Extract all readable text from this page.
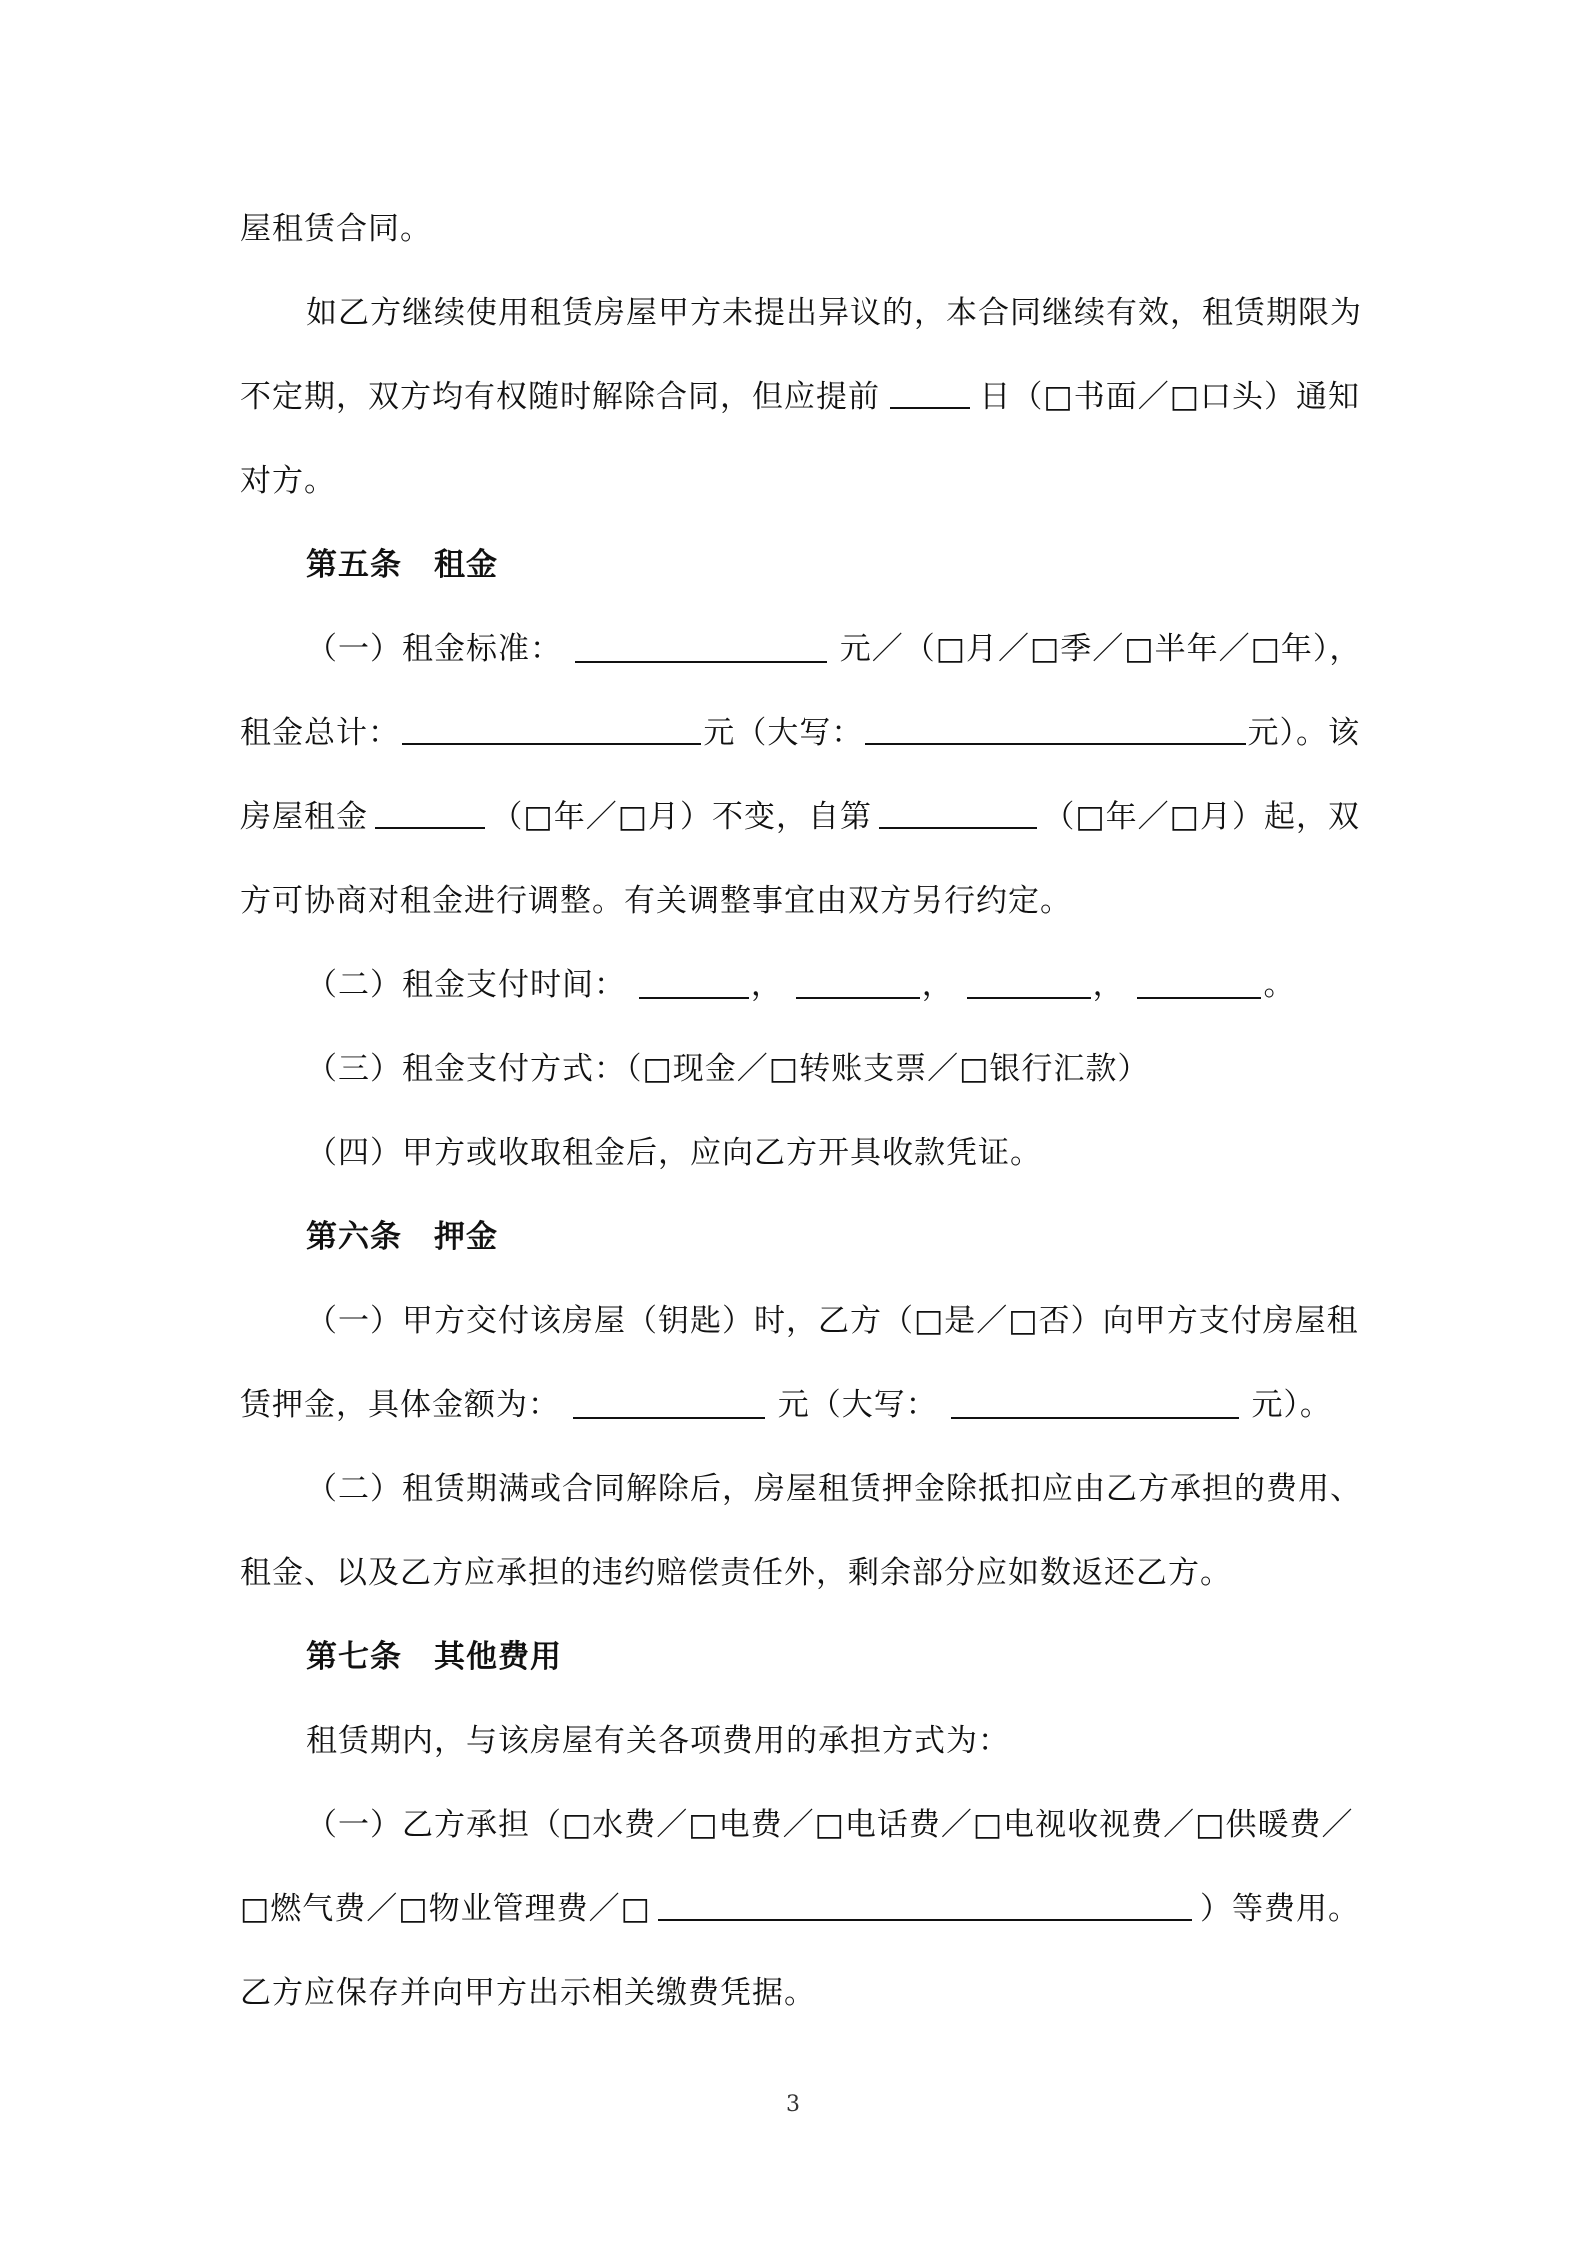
屋租赁合同。
如乙方继续使用租赁房屋甲方未提出异议的，本合同继续有效，租赁期限为
不定期，双方均有权随时解除合同，但应提前	日（□书面／□口头）通知
对方。
第五条 租金
（一）租金标准：	元／（□月／□季／□半年／□年），
租金总计：	元（大写：	元）。该
房屋租金	（□年／□月）不变，自第	（□年／□月）起，双
方可协商对租金进行调整。有关调整事宜由双方另行约定。
（二）租金支付时间：	，	，	，	。
（三）租金支付方式：（□现金／□转账支票／□银行汇款）
（四）甲方或收取租金后，应向乙方开具收款凭证。
第六条 押金
（一）甲方交付该房屋（钥匙）时，乙方（□是／□否）向甲方支付房屋租
赁押金，具体金额为：	元（大写：	元）。
（二）租赁期满或合同解除后，房屋租赁押金除抵扣应由乙方承担的费用、
租金、以及乙方应承担的违约赔偿责任外，剩余部分应如数返还乙方。
第七条 其他费用
租赁期内，与该房屋有关各项费用的承担方式为：
（一）乙方承担（□水费／□电费／□电话费／□电视收视费／□供暖费／
□燃气费／□物业管理费／□	）等费用。
乙方应保存并向甲方出示相关缴费凭据。
3
